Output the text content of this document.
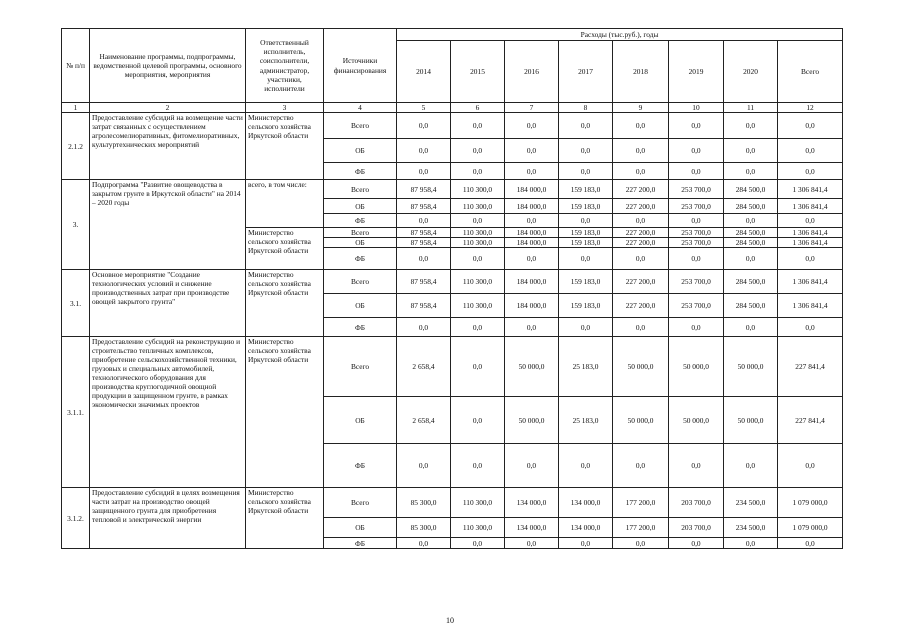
№ п/п	Наименование программы, подпрограммы, ведомственной целевой программы, основного мероприятия, мероприятия	Ответственный исполнитель, соисполнители, администратор, участники, исполнители	Источники финансирования	Расходы (тыс.руб.), годы							
				2014	2015	2016	2017	2018	2019	2020	Всего
1	2	3	4	5	6	7	8	9	10	11	12
2.1.2	Предоставление субсидий на возмещение части затрат связанных с осуществлением агролесомелиоративных, фитомелиоративных, культуртехнических мероприятий	Министерство сельского хозяйства Иркутской области	Всего	0,0	0,0	0,0	0,0	0,0	0,0	0,0	0,0
			ОБ	0,0	0,0	0,0	0,0	0,0	0,0	0,0	0,0
			ФБ	0,0	0,0	0,0	0,0	0,0	0,0	0,0	0,0
3.	Подпрограмма "Развитие овощеводства в закрытом грунте в Иркутской области" на 2014 – 2020 годы	всего, в том числе:	Всего	87 958,4	110 300,0	184 000,0	159 183,0	227 200,0	253 700,0	284 500,0	1 306 841,4
			ОБ	87 958,4	110 300,0	184 000,0	159 183,0	227 200,0	253 700,0	284 500,0	1 306 841,4
			ФБ	0,0	0,0	0,0	0,0	0,0	0,0	0,0	0,0
		Министерство сельского хозяйства Иркутской области	Всего	87 958,4	110 300,0	184 000,0	159 183,0	227 200,0	253 700,0	284 500,0	1 306 841,4
			ОБ	87 958,4	110 300,0	184 000,0	159 183,0	227 200,0	253 700,0	284 500,0	1 306 841,4
			ФБ	0,0	0,0	0,0	0,0	0,0	0,0	0,0	0,0
3.1.	Основное мероприятие "Создание технологических условий и снижение производственных затрат при производстве овощей закрытого грунта"	Министерство сельского хозяйства Иркутской области	Всего	87 958,4	110 300,0	184 000,0	159 183,0	227 200,0	253 700,0	284 500,0	1 306 841,4
			ОБ	87 958,4	110 300,0	184 000,0	159 183,0	227 200,0	253 700,0	284 500,0	1 306 841,4
			ФБ	0,0	0,0	0,0	0,0	0,0	0,0	0,0	0,0
3.1.1.	Предоставление субсидий на реконструкцию и строительство тепличных комплексов, приобретение сельскохозяйственной техники, грузовых и специальных автомобилей, технологического оборудования для производства круглогодичной овощной продукции в защищенном грунте, в рамках экономически значимых проектов	Министерство сельского хозяйства Иркутской области	Всего	2 658,4	0,0	50 000,0	25 183,0	50 000,0	50 000,0	50 000,0	227 841,4
			ОБ	2 658,4	0,0	50 000,0	25 183,0	50 000,0	50 000,0	50 000,0	227 841,4
			ФБ	0,0	0,0	0,0	0,0	0,0	0,0	0,0	0,0
3.1.2.	Предоставление субсидий в целях возмещения части затрат на производство овощей защищенного грунта для приобретения тепловой и электрической энергии	Министерство сельского хозяйства Иркутской области	Всего	85 300,0	110 300,0	134 000,0	134 000,0	177 200,0	203 700,0	234 500,0	1 079 000,0
			ОБ	85 300,0	110 300,0	134 000,0	134 000,0	177 200,0	203 700,0	234 500,0	1 079 000,0
			ФБ	0,0	0,0	0,0	0,0	0,0	0,0	0,0	0,0
10
